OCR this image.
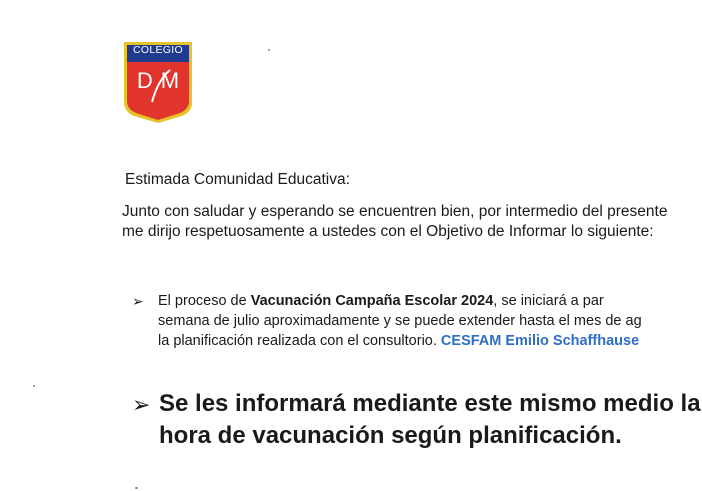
COLEGIO
DM
Estimada Comunidad Educativa:

Junto con saludar y esperando se encuentren bien, por intermedio del presente

me dirijo respetuosamente a ustedes con el Objetivo de Informar lo siguiente:

➢ El proceso de Vacunación Campaña Escolar 2024, se iniciará a par

semana de julio aproximadamente y se puede extender hasta el mes de ag

la planificación realizada con el consultorio. CESFAM Emilio Schaffhause

➢ Se les informará mediante este mismo medio la

hora de vacunación según planificación.
